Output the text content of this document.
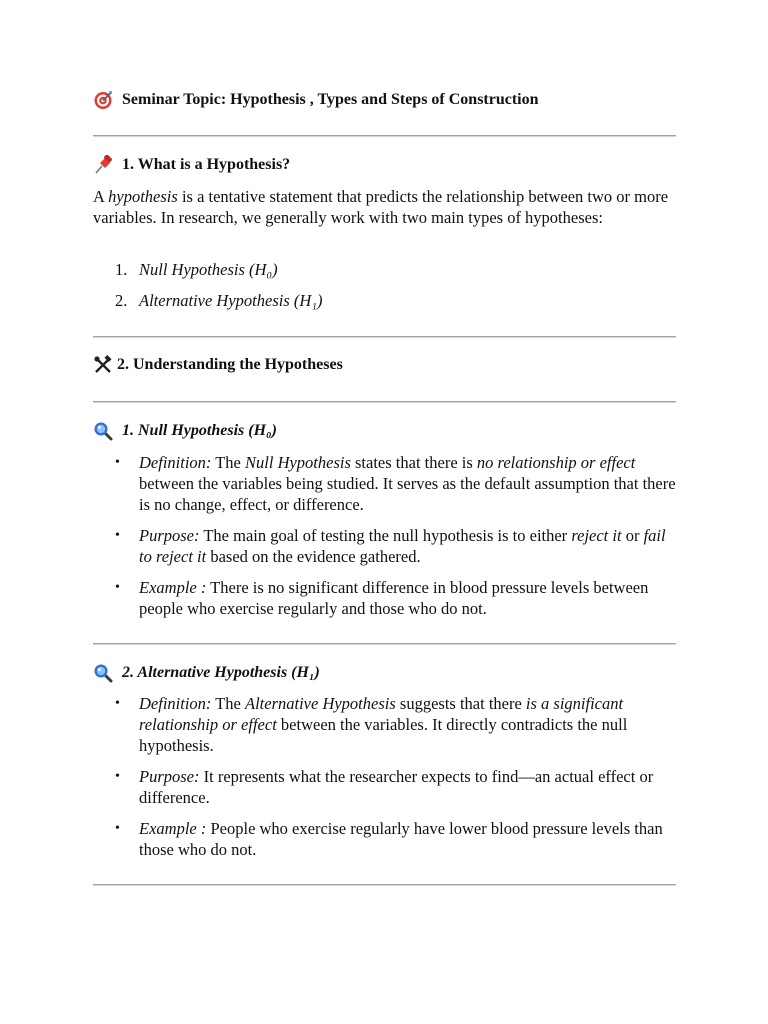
Seminar Topic: Hypothesis , Types and Steps of Construction
1. What is a Hypothesis?

A hypothesis is a tentative statement that predicts the relationship between two or more variables. In research, we generally work with two main types of hypotheses:

1. Null Hypothesis (H₀)
2. Alternative Hypothesis (H₁)
2. Understanding the Hypotheses
1. Null Hypothesis (H₀)
• Definition: The Null Hypothesis states that there is no relationship or effect between the variables being studied. It serves as the default assumption that there is no change, effect, or difference.
• Purpose: The main goal of testing the null hypothesis is to either reject it or fail to reject it based on the evidence gathered.
• Example : There is no significant difference in blood pressure levels between people who exercise regularly and those who do not.
2. Alternative Hypothesis (H₁)
• Definition: The Alternative Hypothesis suggests that there is a significant relationship or effect between the variables. It directly contradicts the null hypothesis.
• Purpose: It represents what the researcher expects to find—an actual effect or difference.
• Example : People who exercise regularly have lower blood pressure levels than those who do not.
